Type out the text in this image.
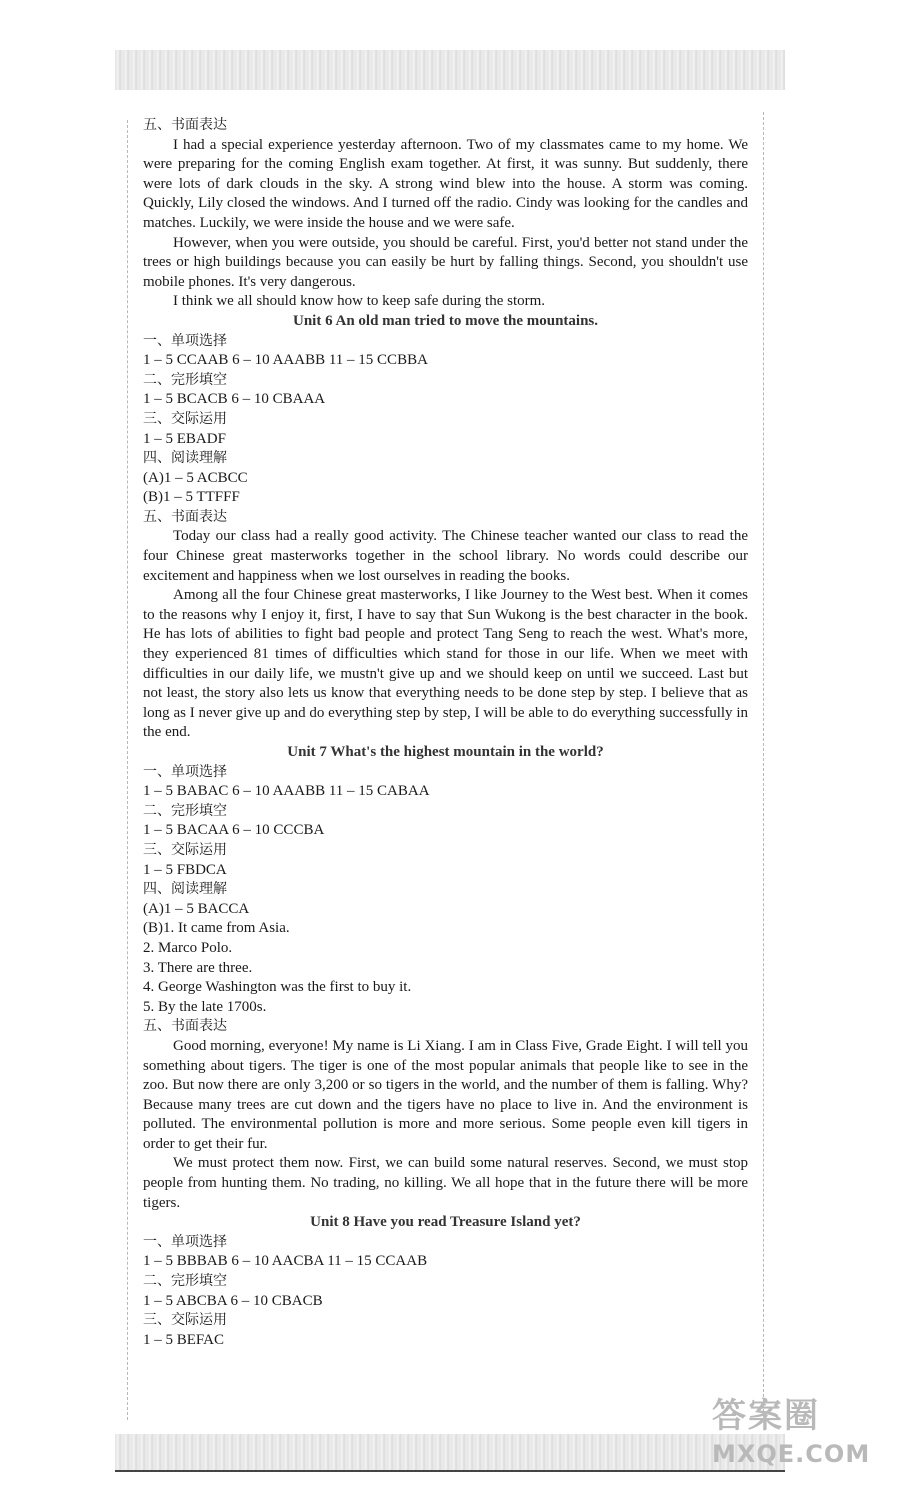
五、书面表达

I had a special experience yesterday afternoon. Two of my classmates came to my home. We were preparing for the coming English exam together. At first, it was sunny. But suddenly, there were lots of dark clouds in the sky. A strong wind blew into the house. A storm was coming. Quickly, Lily closed the windows. And I turned off the radio. Cindy was looking for the candles and matches. Luckily, we were inside the house and we were safe.

However, when you were outside, you should be careful. First, you'd better not stand under the trees or high buildings because you can easily be hurt by falling things. Second, you shouldn't use mobile phones. It's very dangerous.

I think we all should know how to keep safe during the storm.

Unit 6 An old man tried to move the mountains.
一、单项选择
1 – 5 CCAAB 6 – 10 AAABB 11 – 15 CCBBA
二、完形填空
1 – 5 BCACB 6 – 10 CBAAA
三、交际运用
1 – 5 EBADF
四、阅读理解
(A)1 – 5 ACBCC
(B)1 – 5 TTFFF
五、书面表达

Today our class had a really good activity. The Chinese teacher wanted our class to read the four Chinese great masterworks together in the school library. No words could describe our excitement and happiness when we lost ourselves in reading the books.

Among all the four Chinese great masterworks, I like Journey to the West best. When it comes to the reasons why I enjoy it, first, I have to say that Sun Wukong is the best character in the book. He has lots of abilities to fight bad people and protect Tang Seng to reach the west. What's more, they experienced 81 times of difficulties which stand for those in our life. When we meet with difficulties in our daily life, we mustn't give up and we should keep on until we succeed. Last but not least, the story also lets us know that everything needs to be done step by step. I believe that as long as I never give up and do everything step by step, I will be able to do everything successfully in the end.

Unit 7 What's the highest mountain in the world?
一、单项选择
1 – 5 BABAC 6 – 10 AAABB 11 – 15 CABAA
二、完形填空
1 – 5 BACAA 6 – 10 CCCBA
三、交际运用
1 – 5 FBDCA
四、阅读理解
(A)1 – 5 BACCA
(B)1. It came from Asia.
2. Marco Polo.
3. There are three.
4. George Washington was the first to buy it.
5. By the late 1700s.
五、书面表达

Good morning, everyone! My name is Li Xiang. I am in Class Five, Grade Eight. I will tell you something about tigers. The tiger is one of the most popular animals that people like to see in the zoo. But now there are only 3,200 or so tigers in the world, and the number of them is falling. Why? Because many trees are cut down and the tigers have no place to live in. And the environment is polluted. The environmental pollution is more and more serious. Some people even kill tigers in order to get their fur.

We must protect them now. First, we can build some natural reserves. Second, we must stop people from hunting them. No trading, no killing. We all hope that in the future there will be more tigers.

Unit 8 Have you read Treasure Island yet?
一、单项选择
1 – 5 BBBAB 6 – 10 AACBA 11 – 15 CCAAB
二、完形填空
1 – 5 ABCBA 6 – 10 CBACB
三、交际运用
1 – 5 BEFAC
答案圈
MXQE.COM
